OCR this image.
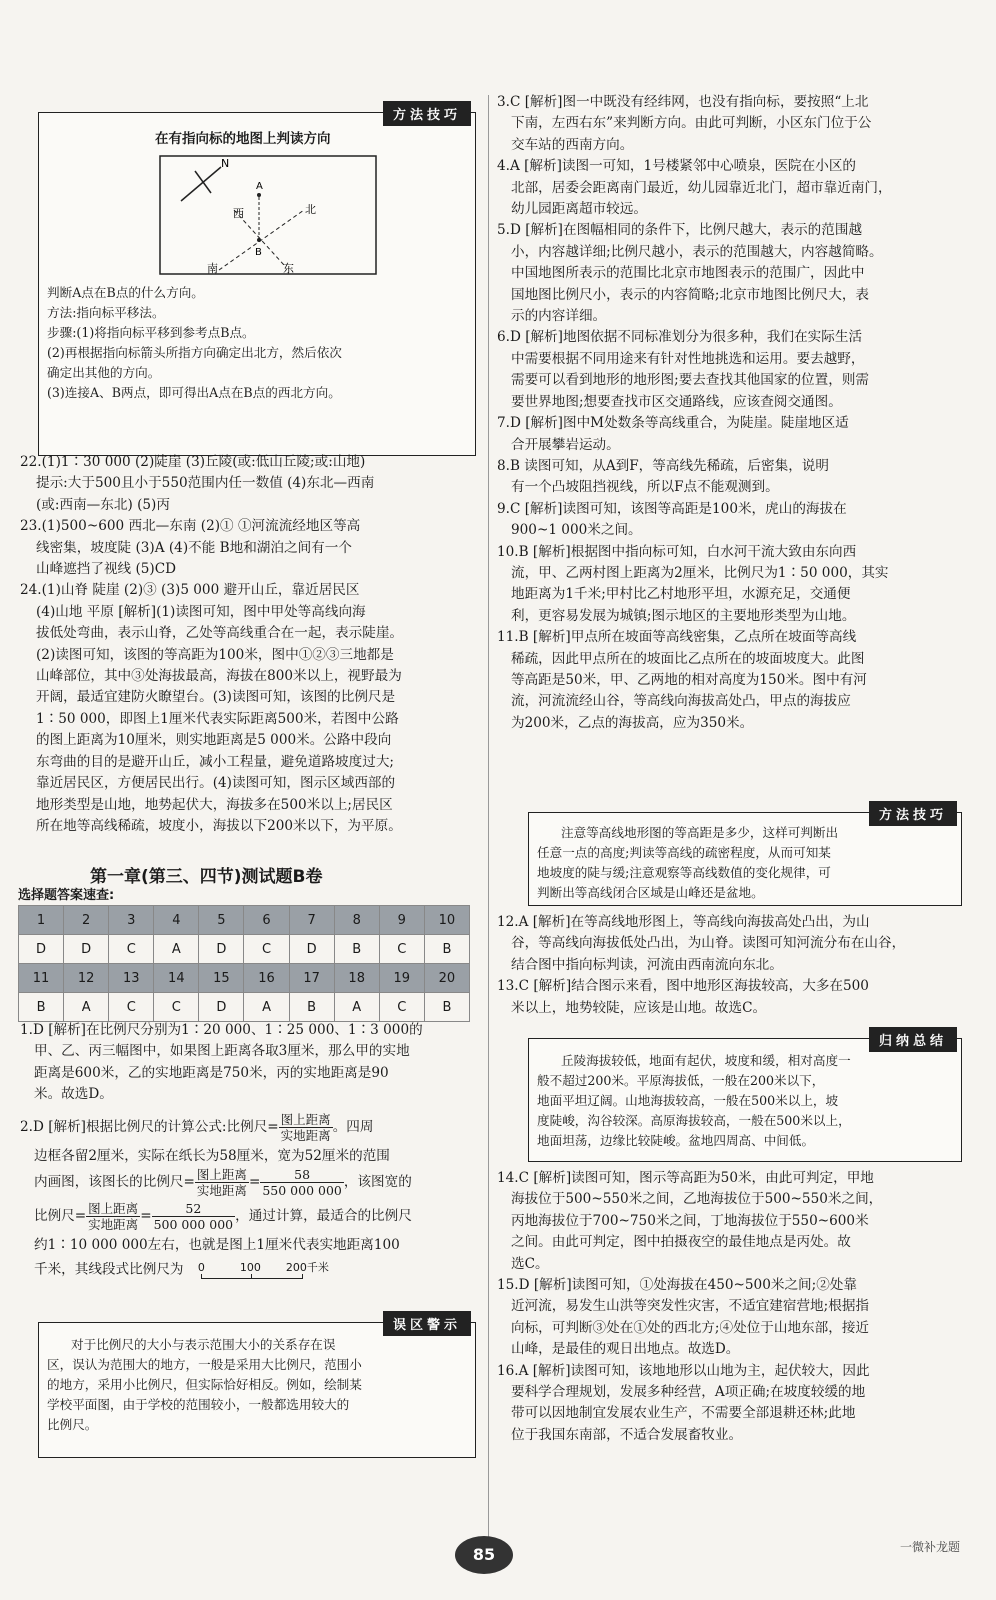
方法技巧
在有指向标的地图上判读方向
N
A
B
西	北
南	东
判断A点在B点的什么方向。
方法:指向标平移法。
步骤:(1)将指向标平移到参考点B点。
(2)再根据指向标箭头所指方向确定出北方，然后依次
确定出其他的方向。
(3)连接A、B两点，即可得出A点在B点的西北方向。
22.(1)1∶30 000 (2)陡崖 (3)丘陵(或:低山丘陵;或:山地)
提示:大于500且小于550范围内任一数值 (4)东北—西南
(或:西南—东北) (5)丙
23.(1)500~600 西北—东南 (2)① ①河流流经地区等高
线密集，坡度陡 (3)A (4)不能 B地和湖泊之间有一个
山峰遮挡了视线 (5)CD
24.(1)山脊 陡崖 (2)③ (3)5 000 避开山丘，靠近居民区
(4)山地 平原 [解析](1)读图可知，图中甲处等高线向海
拔低处弯曲，表示山脊，乙处等高线重合在一起，表示陡崖。
(2)读图可知，该图的等高距为100米，图中①②③三地都是
山峰部位，其中③处海拔最高，海拔在800米以上，视野最为
开阔，最适宜建防火瞭望台。(3)读图可知，该图的比例尺是
1∶50 000，即图上1厘米代表实际距离500米，若图中公路
的图上距离为10厘米，则实地距离是5 000米。公路中段向
东弯曲的目的是避开山丘，减小工程量，避免道路坡度过大;
靠近居民区，方便居民出行。(4)读图可知，图示区域西部的
地形类型是山地，地势起伏大，海拔多在500米以上;居民区
所在地等高线稀疏，坡度小，海拔以下200米以下，为平原。
第一章(第三、四节)测试题B卷
选择题答案速查:
1	2	3	4	5	6	7	8	9	10
D	D	C	A	D	C	D	B	C	B
11	12	13	14	15	16	17	18	19	20
B	A	C	C	D	A	B	A	C	B
1.D [解析]在比例尺分别为1∶20 000、1∶25 000、1∶3 000的
甲、乙、丙三幅图中，如果图上距离各取3厘米，那么甲的实地
距离是600米，乙的实地距离是750米，丙的实地距离是90
米。故选D。
2.D [解析]根据比例尺的计算公式:比例尺= $\frac{\text{图上距离}}{\text{实地距离}}$ 。四周
边框各留2厘米，实际在纸长为58厘米，宽为52厘米的范围
内画图，该图长的比例尺= $\frac{\text{图上距离}}{\text{实地距离}} = \frac{58}{550 000 000}$ ，该图宽的
比例尺= $\frac{\text{图上距离}}{\text{实地距离}} = \frac{52}{500 000 000}$ ，通过计算，最适合的比例尺
约1∶10 000 000左右，也就是图上1厘米代表实地距离100
千米，其线段式比例尺为 0	100 200千米
误区警示
对于比例尺的大小与表示范围大小的关系存在误
区，误认为范围大的地方，一般是采用大比例尺，范围小
的地方，采用小比例尺，但实际恰好相反。例如，绘制某
学校平面图，由于学校的范围较小，一般都选用较大的
比例尺。
3.C [解析]图一中既没有经纬网，也没有指向标，要按照“上北
下南，左西右东”来判断方向。由此可判断，小区东门位于公
交车站的西南方向。
4.A [解析]读图一可知，1号楼紧邻中心喷泉，医院在小区的
北部，居委会距离南门最近，幼儿园靠近北门，超市靠近南门，
幼儿园距离超市较远。
5.D [解析]在图幅相同的条件下，比例尺越大，表示的范围越
小，内容越详细;比例尺越小，表示的范围越大，内容越简略。
中国地图所表示的范围比北京市地图表示的范围广，因此中
国地图比例尺小，表示的内容简略;北京市地图比例尺大，表
示的内容详细。
6.D [解析]地图依据不同标准划分为很多种，我们在实际生活
中需要根据不同用途来有针对性地挑选和运用。要去越野，
需要可以看到地形的地形图;要去查找其他国家的位置，则需
要世界地图;想要查找市区交通路线，应该查阅交通图。
7.D [解析]图中M处数条等高线重合，为陡崖。陡崖地区适
合开展攀岩运动。
8.B 读图可知，从A到F，等高线先稀疏，后密集，说明
有一个凸坡阻挡视线，所以F点不能观测到。
9.C [解析]读图可知，该图等高距是100米，虎山的海拔在
900~1 000米之间。
10.B [解析]根据图中指向标可知，白水河干流大致由东向西
流，甲、乙两村图上距离为2厘米，比例尺为1∶50 000，其实
地距离为1千米;甲村比乙村地形平坦，水源充足，交通便
利，更容易发展为城镇;图示地区的主要地形类型为山地。
11.B [解析]甲点所在坡面等高线密集，乙点所在坡面等高线
稀疏，因此甲点所在的坡面比乙点所在的坡面坡度大。此图
等高距是50米，甲、乙两地的相对高度为150米。图中有河
流，河流流经山谷，等高线向海拔高处凸，甲点的海拔应
为200米，乙点的海拔高，应为350米。
方法技巧
注意等高线地形图的等高距是多少，这样可判断出
任意一点的高度;判读等高线的疏密程度，从而可知某
地坡度的陡与缓;注意观察等高线数值的变化规律，可
判断出等高线闭合区域是山峰还是盆地。
12.A [解析]在等高线地形图上，等高线向海拔高处凸出，为山
谷，等高线向海拔低处凸出，为山脊。读图可知河流分布在山谷，
结合图中指向标判读，河流由西南流向东北。
13.C [解析]结合图示来看，图中地形区海拔较高，大多在500
米以上，地势较陡，应该是山地。故选C。
归纳总结
丘陵海拔较低，地面有起伏，坡度和缓，相对高度一
般不超过200米。平原海拔低，一般在200米以下，
地面平坦辽阔。山地海拔较高，一般在500米以上，坡
度陡峻，沟谷较深。高原海拔较高，一般在500米以上，
地面坦荡，边缘比较陡峻。盆地四周高、中间低。
14.C [解析]读图可知，图示等高距为50米，由此可判定，甲地
海拔位于500~550米之间，乙地海拔位于500~550米之间，
丙地海拔位于700~750米之间，丁地海拔位于550~600米
之间。由此可判定，图中拍摄夜空的最佳地点是丙处。故
选C。
15.D [解析]读图可知，①处海拔在450~500米之间;②处靠
近河流，易发生山洪等突发性灾害，不适宜建宿营地;根据指
向标，可判断③处在①处的西北方;④处位于山地东部，接近
山峰，是最佳的观日出地点。故选D。
16.A [解析]读图可知，该地地形以山地为主，起伏较大，因此
要科学合理规划，发展多种经营，A项正确;在坡度较缓的地
带可以因地制宜发展农业生产，不需要全部退耕还林;此地
位于我国东南部，不适合发展畜牧业。
85	一微补龙题
